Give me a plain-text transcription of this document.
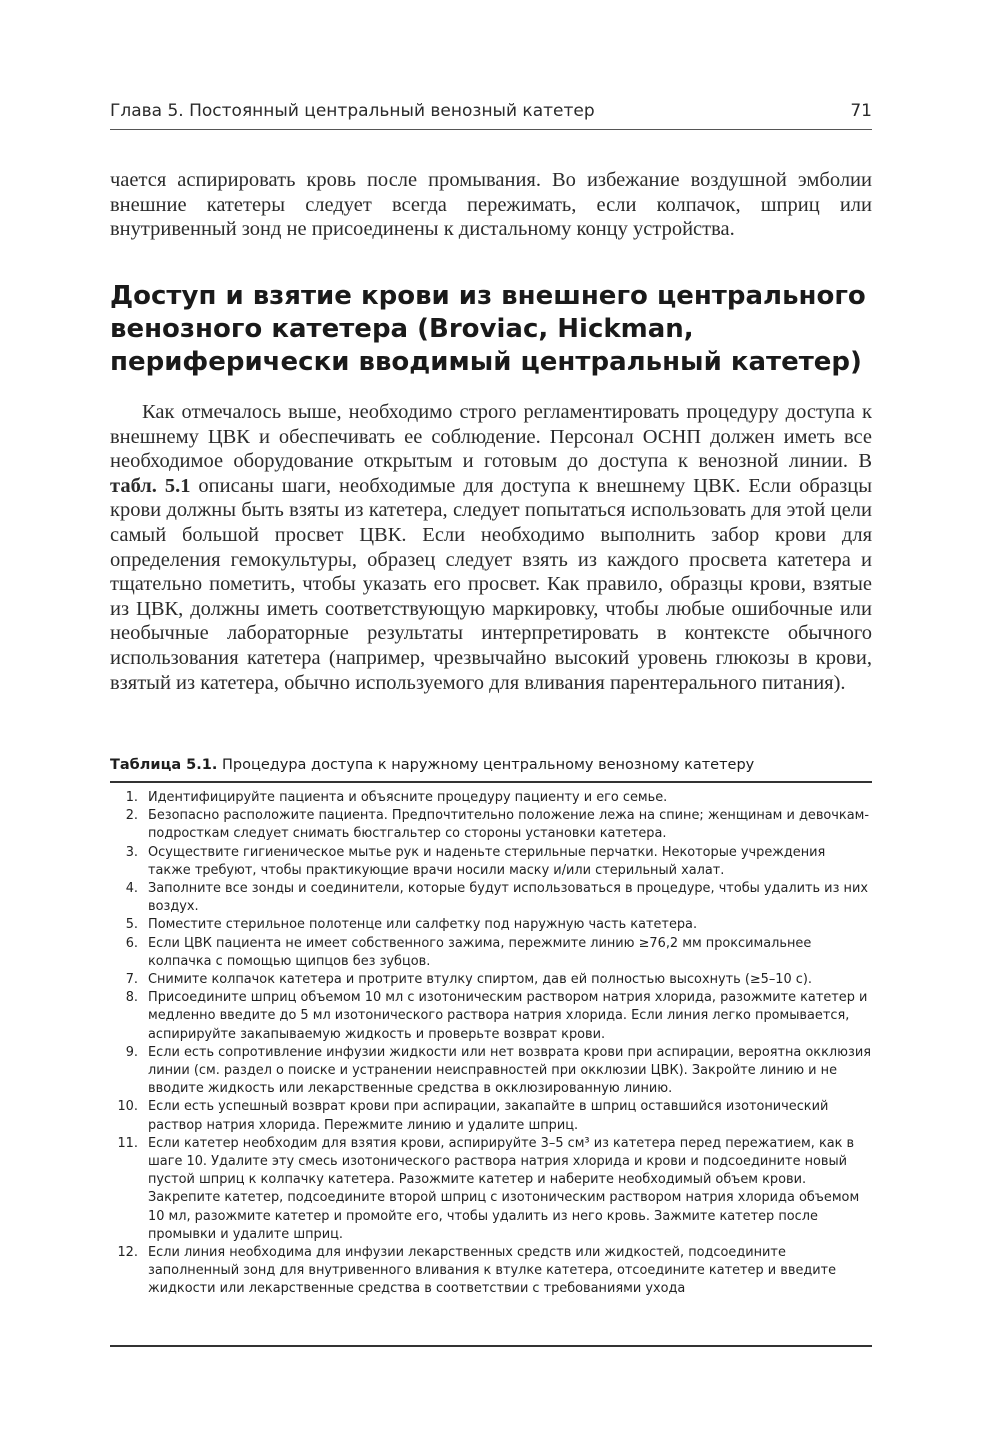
Глава 5. Постоянный центральный венозный катетер	71

чается аспирировать кровь после промывания. Во избежание воздушной эмболии внешние катетеры следует всегда пережимать, если колпачок, шприц или внутривенный зонд не присоединены к дистальному концу устройства.

Доступ и взятие крови из внешнего центрального венозного катетера (Broviac, Hickman, периферически вводимый центральный катетер)

Как отмечалось выше, необходимо строго регламентировать процедуру доступа к внешнему ЦВК и обеспечивать ее соблюдение. Персонал ОСНП должен иметь все необходимое оборудование открытым и готовым до доступа к венозной линии. В табл. 5.1 описаны шаги, необходимые для доступа к внешнему ЦВК. Если образцы крови должны быть взяты из катетера, следует попытаться использовать для этой цели самый большой просвет ЦВК. Если необходимо выполнить забор крови для определения гемокультуры, образец следует взять из каждого просвета катетера и тщательно пометить, чтобы указать его просвет. Как правило, образцы крови, взятые из ЦВК, должны иметь соответствующую маркировку, чтобы любые ошибочные или необычные лабораторные результаты интерпретировать в контексте обычного использования катетера (например, чрезвычайно высокий уровень глюкозы в крови, взятый из катетера, обычно используемого для вливания парентерального питания).

Таблица 5.1. Процедура доступа к наружному центральному венозному катетеру
1. Идентифицируйте пациента и объясните процедуру пациенту и его семье.
2. Безопасно расположите пациента. Предпочтительно положение лежа на спине; женщинам и девочкам-подросткам следует снимать бюстгальтер со стороны установки катетера.
3. Осуществите гигиеническое мытье рук и наденьте стерильные перчатки. Некоторые учреждения также требуют, чтобы практикующие врачи носили маску и/или стерильный халат.
4. Заполните все зонды и соединители, которые будут использоваться в процедуре, чтобы удалить из них воздух.
5. Поместите стерильное полотенце или салфетку под наружную часть катетера.
6. Если ЦВК пациента не имеет собственного зажима, пережмите линию ≥76,2 мм проксимальнее колпачка с помощью щипцов без зубцов.
7. Снимите колпачок катетера и протрите втулку спиртом, дав ей полностью высохнуть (≥5–10 с).
8. Присоедините шприц объемом 10 мл с изотоническим раствором натрия хлорида, разожмите катетер и медленно введите до 5 мл изотонического раствора натрия хлорида. Если линия легко промывается, аспирируйте закапываемую жидкость и проверьте возврат крови.
9. Если есть сопротивление инфузии жидкости или нет возврата крови при аспирации, вероятна окклюзия линии (см. раздел о поиске и устранении неисправностей при окклюзии ЦВК). Закройте линию и не вводите жидкость или лекарственные средства в окклюзированную линию.
10. Если есть успешный возврат крови при аспирации, закапайте в шприц оставшийся изотонический раствор натрия хлорида. Пережмите линию и удалите шприц.
11. Если катетер необходим для взятия крови, аспирируйте 3–5 см³ из катетера перед пережатием, как в шаге 10. Удалите эту смесь изотонического раствора натрия хлорида и крови и подсоедините новый пустой шприц к колпачку катетера. Разожмите катетер и наберите необходимый объем крови. Закрепите катетер, подсоедините второй шприц с изотоническим раствором натрия хлорида объемом 10 мл, разожмите катетер и промойте его, чтобы удалить из него кровь. Зажмите катетер после промывки и удалите шприц.
12. Если линия необходима для инфузии лекарственных средств или жидкостей, подсоедините заполненный зонд для внутривенного вливания к втулке катетера, отсоедините катетер и введите жидкости или лекарственные средства в соответствии с требованиями ухода
